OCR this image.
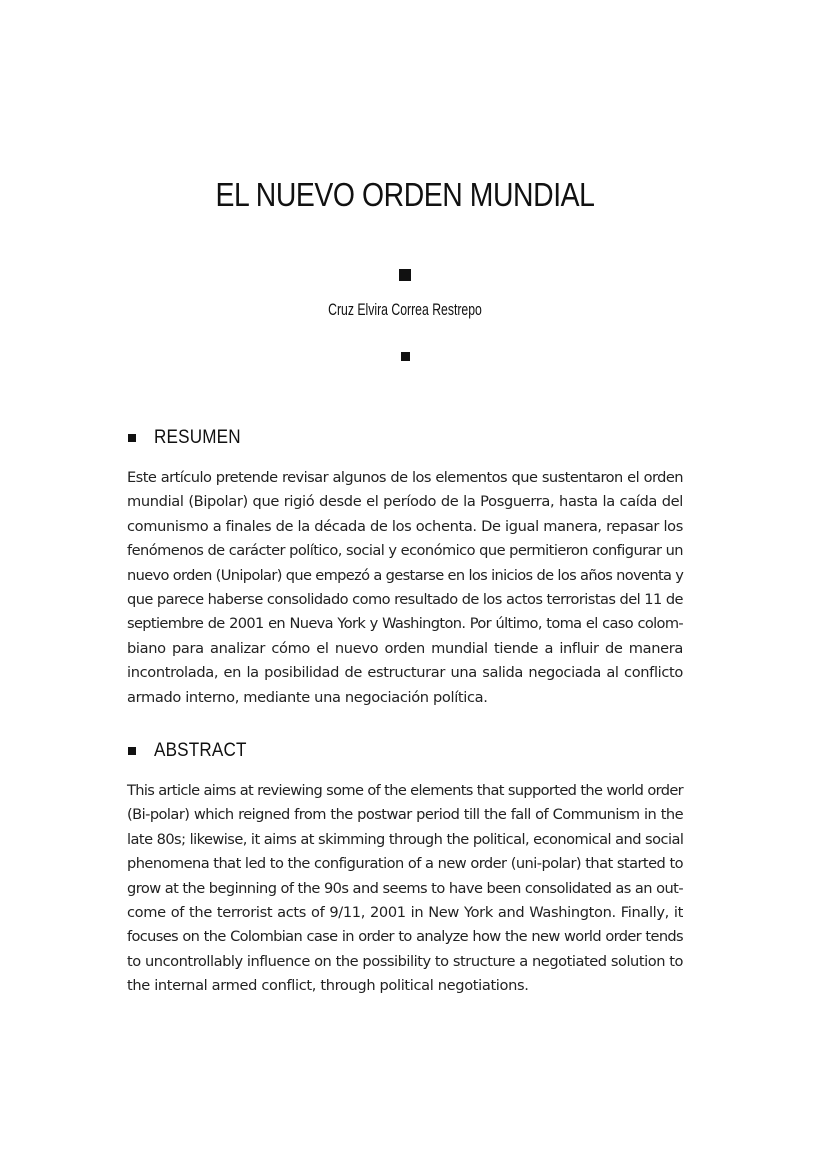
EL NUEVO ORDEN MUNDIAL
Cruz Elvira Correa Restrepo
RESUMEN
Este artículo pretende revisar algunos de los elementos que sustentaron el orden
mundial (Bipolar) que rigió desde el período de la Posguerra, hasta la caída del
comunismo a finales de la década de los ochenta. De igual manera, repasar los
fenómenos de carácter político, social y económico que permitieron configurar un
nuevo orden (Unipolar) que empezó a gestarse en los inicios de los años noventa y
que parece haberse consolidado como resultado de los actos terroristas del 11 de
septiembre de 2001 en Nueva York y Washington. Por último, toma el caso colom-
biano para analizar cómo el nuevo orden mundial tiende a influir de manera
incontrolada, en la posibilidad de estructurar una salida negociada al conflicto
armado interno, mediante una negociación política.
ABSTRACT
This article aims at reviewing some of the elements that supported the world order
(Bi-polar) which reigned from the postwar period till the fall of Communism in the
late 80s; likewise, it aims at skimming through the political, economical and social
phenomena that led to the configuration of a new order (uni-polar) that started to
grow at the beginning of the 90s and seems to have been consolidated as an out-
come of the terrorist acts of 9/11, 2001 in New York and Washington. Finally, it
focuses on the Colombian case in order to analyze how the new world order tends
to uncontrollably influence on the possibility to structure a negotiated solution to
the internal armed conflict, through political negotiations.
